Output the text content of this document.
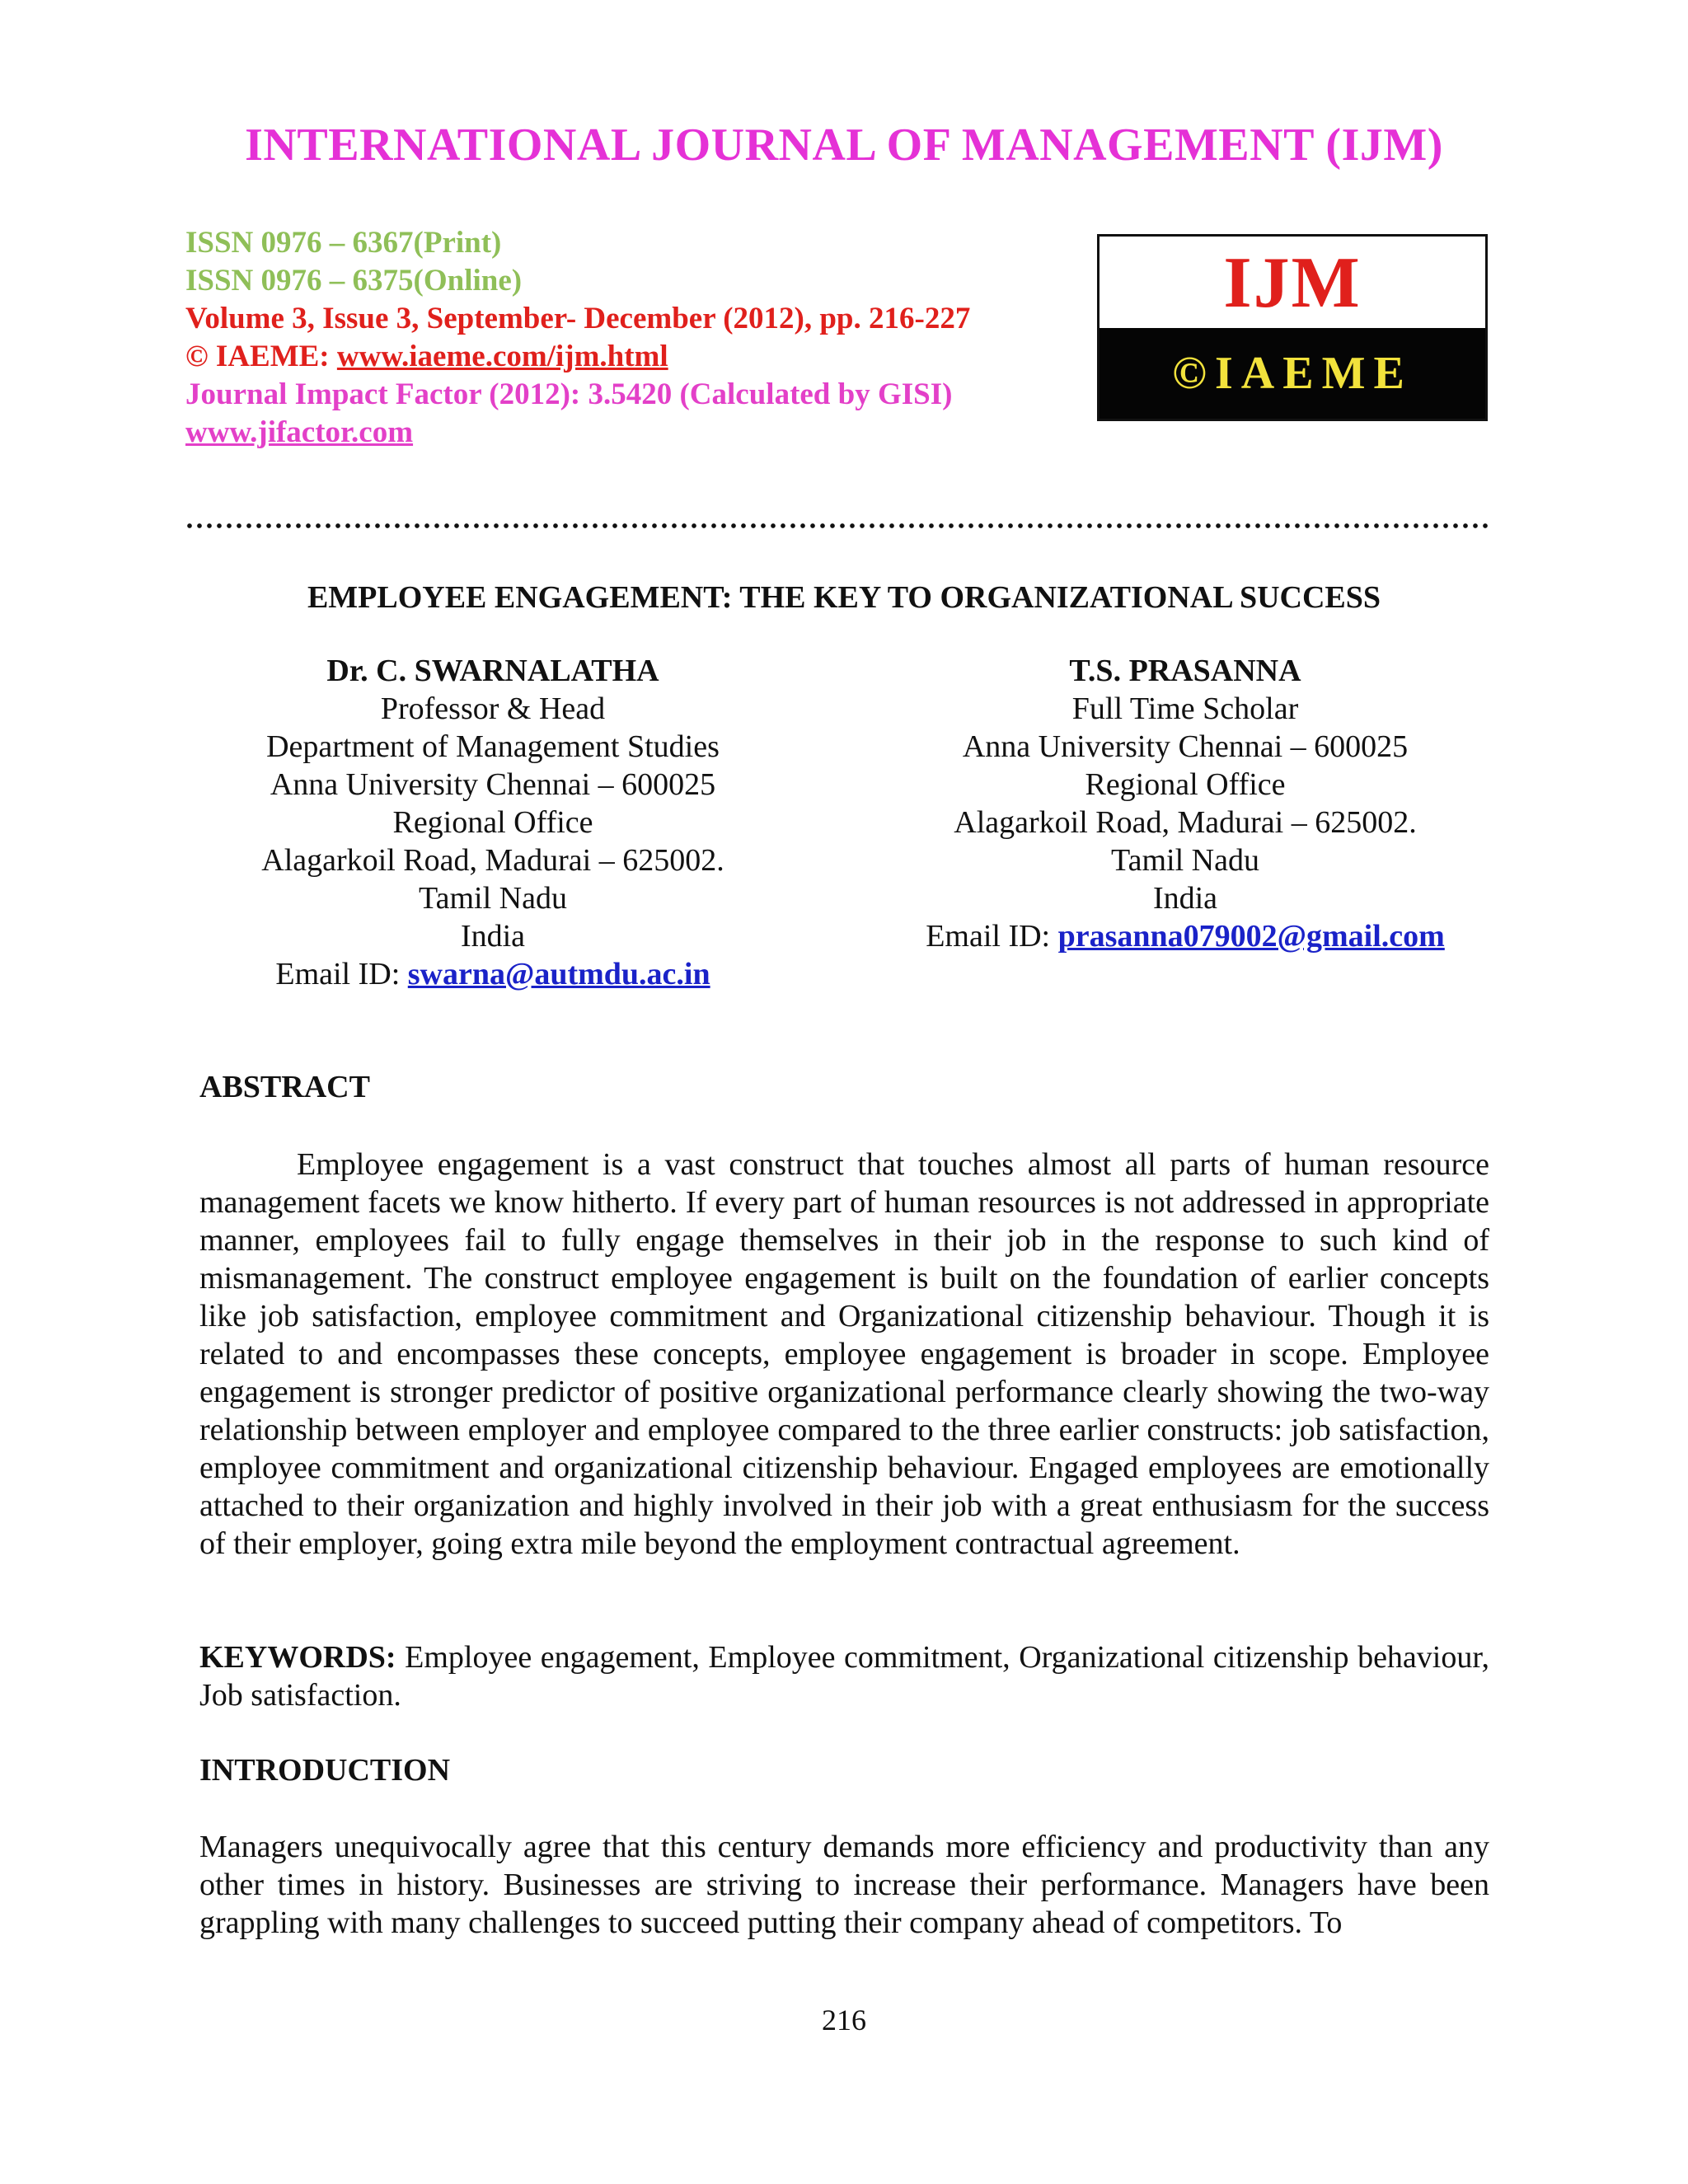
INTERNATIONAL JOURNAL OF MANAGEMENT (IJM)
ISSN 0976 – 6367(Print)
ISSN 0976 – 6375(Online)
Volume 3, Issue 3, September- December (2012), pp. 216-227
© IAEME: www.iaeme.com/ijm.html
Journal Impact Factor (2012): 3.5420 (Calculated by GISI)
www.jifactor.com
IJM
©IAEME
EMPLOYEE ENGAGEMENT: THE KEY TO ORGANIZATIONAL SUCCESS
Dr. C. SWARNALATHA
Professor & Head
Department of Management Studies
Anna University Chennai – 600025
Regional Office
Alagarkoil Road, Madurai – 625002.
Tamil Nadu
India
Email ID: swarna@autmdu.ac.in
T.S. PRASANNA
Full Time Scholar
Anna University Chennai – 600025
Regional Office
Alagarkoil Road, Madurai – 625002.
Tamil Nadu
India
Email ID: prasanna079002@gmail.com
ABSTRACT
Employee engagement is a vast construct that touches almost all parts of human resource management facets we know hitherto. If every part of human resources is not addressed in appropriate manner, employees fail to fully engage themselves in their job in the response to such kind of mismanagement. The construct employee engagement is built on the foundation of earlier concepts like job satisfaction, employee commitment and Organizational citizenship behaviour. Though it is related to and encompasses these concepts, employee engagement is broader in scope. Employee engagement is stronger predictor of positive organizational performance clearly showing the two-way relationship between employer and employee compared to the three earlier constructs: job satisfaction, employee commitment and organizational citizenship behaviour. Engaged employees are emotionally attached to their organization and highly involved in their job with a great enthusiasm for the success of their employer, going extra mile beyond the employment contractual agreement.
KEYWORDS: Employee engagement, Employee commitment, Organizational citizenship behaviour, Job satisfaction.
INTRODUCTION
Managers unequivocally agree that this century demands more efficiency and productivity than any other times in history. Businesses are striving to increase their performance. Managers have been grappling with many challenges to succeed putting their company ahead of competitors. To
216
